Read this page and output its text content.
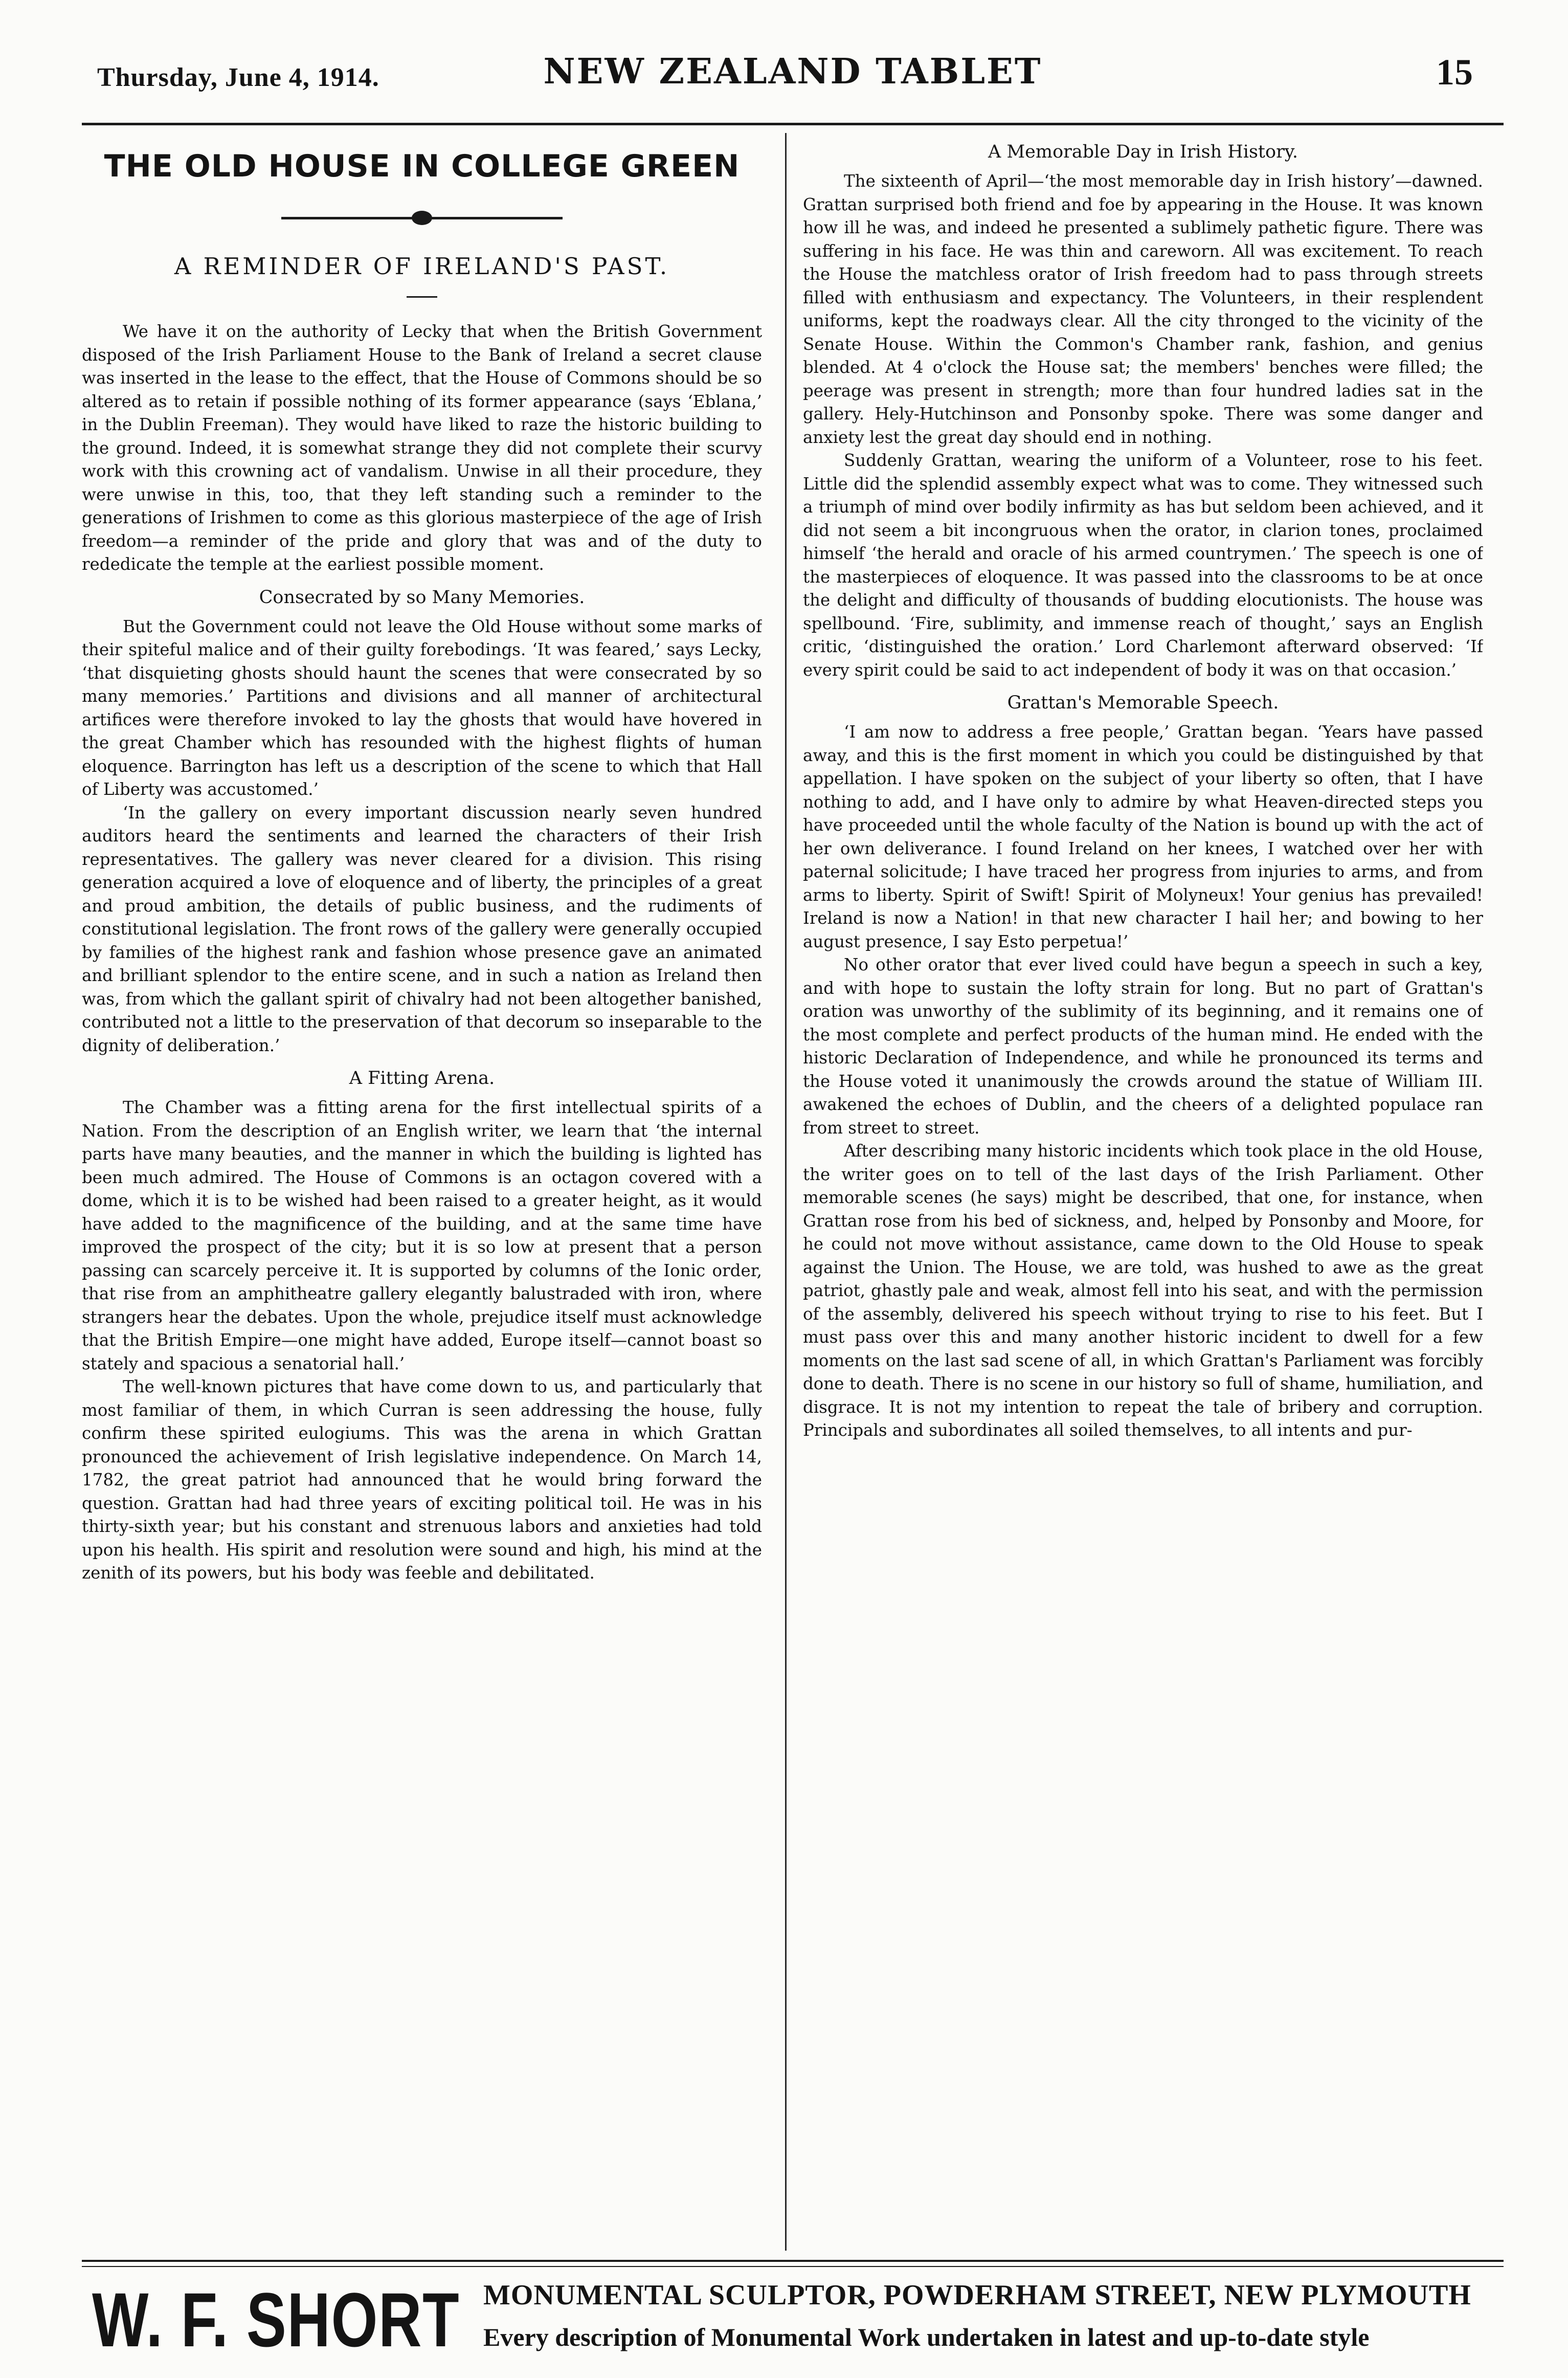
Thursday, June 4, 1914.	NEW ZEALAND TABLET	15
THE OLD HOUSE IN COLLEGE GREEN
A REMINDER OF IRELAND'S PAST.

We have it on the authority of Lecky that when the British Government disposed of the Irish Parliament House to the Bank of Ireland a secret clause was inserted in the lease to the effect, that the House of Commons should be so altered as to retain if possible nothing of its former appearance (says ‘Eblana,’ in the Dublin Freeman). They would have liked to raze the historic building to the ground. Indeed, it is somewhat strange they did not complete their scurvy work with this crowning act of vandalism. Unwise in all their procedure, they were unwise in this, too, that they left standing such a reminder to the generations of Irishmen to come as this glorious masterpiece of the age of Irish freedom—a reminder of the pride and glory that was and of the duty to rededicate the temple at the earliest possible moment.

Consecrated by so Many Memories.

But the Government could not leave the Old House without some marks of their spiteful malice and of their guilty forebodings. ‘It was feared,’ says Lecky, ‘that disquieting ghosts should haunt the scenes that were consecrated by so many memories.’ Partitions and divisions and all manner of architectural artifices were therefore invoked to lay the ghosts that would have hovered in the great Chamber which has resounded with the highest flights of human eloquence. Barrington has left us a description of the scene to which that Hall of Liberty was accustomed.’

‘In the gallery on every important discussion nearly seven hundred auditors heard the sentiments and learned the characters of their Irish representatives. The gallery was never cleared for a division. This rising generation acquired a love of eloquence and of liberty, the principles of a great and proud ambition, the details of public business, and the rudiments of constitutional legislation. The front rows of the gallery were generally occupied by families of the highest rank and fashion whose presence gave an animated and brilliant splendor to the entire scene, and in such a nation as Ireland then was, from which the gallant spirit of chivalry had not been altogether banished, contributed not a little to the preservation of that decorum so inseparable to the dignity of deliberation.’

A Fitting Arena.

The Chamber was a fitting arena for the first intellectual spirits of a Nation. From the description of an English writer, we learn that ‘the internal parts have many beauties, and the manner in which the building is lighted has been much admired. The House of Commons is an octagon covered with a dome, which it is to be wished had been raised to a greater height, as it would have added to the magnificence of the building, and at the same time have improved the prospect of the city; but it is so low at present that a person passing can scarcely perceive it. It is supported by columns of the Ionic order, that rise from an amphitheatre gallery elegantly balustraded with iron, where strangers hear the debates. Upon the whole, prejudice itself must acknowledge that the British Empire—one might have added, Europe itself—cannot boast so stately and spacious a senatorial hall.’

The well-known pictures that have come down to us, and particularly that most familiar of them, in which Curran is seen addressing the house, fully confirm these spirited eulogiums. This was the arena in which Grattan pronounced the achievement of Irish legislative independence. On March 14, 1782, the great patriot had announced that he would bring forward the question. Grattan had had three years of exciting political toil. He was in his thirty-sixth year; but his constant and strenuous labors and anxieties had told upon his health. His spirit and resolution were sound and high, his mind at the zenith of its powers, but his body was feeble and debilitated.

A Memorable Day in Irish History.

The sixteenth of April—‘the most memorable day in Irish history’—dawned. Grattan surprised both friend and foe by appearing in the House. It was known how ill he was, and indeed he presented a sublimely pathetic figure. There was suffering in his face. He was thin and careworn. All was excitement. To reach the House the matchless orator of Irish freedom had to pass through streets filled with enthusiasm and expectancy. The Volunteers, in their resplendent uniforms, kept the roadways clear. All the city thronged to the vicinity of the Senate House. Within the Common's Chamber rank, fashion, and genius blended. At 4 o'clock the House sat; the members' benches were filled; the peerage was present in strength; more than four hundred ladies sat in the gallery. Hely-Hutchinson and Ponsonby spoke. There was some danger and anxiety lest the great day should end in nothing.

Suddenly Grattan, wearing the uniform of a Volunteer, rose to his feet. Little did the splendid assembly expect what was to come. They witnessed such a triumph of mind over bodily infirmity as has but seldom been achieved, and it did not seem a bit incongruous when the orator, in clarion tones, proclaimed himself ‘the herald and oracle of his armed countrymen.’ The speech is one of the masterpieces of eloquence. It was passed into the classrooms to be at once the delight and difficulty of thousands of budding elocutionists. The house was spellbound. ‘Fire, sublimity, and immense reach of thought,’ says an English critic, ‘distinguished the oration.’ Lord Charlemont afterward observed: ‘If every spirit could be said to act independent of body it was on that occasion.’

Grattan's Memorable Speech.

‘I am now to address a free people,’ Grattan began. ‘Years have passed away, and this is the first moment in which you could be distinguished by that appellation. I have spoken on the subject of your liberty so often, that I have nothing to add, and I have only to admire by what Heaven-directed steps you have proceeded until the whole faculty of the Nation is bound up with the act of her own deliverance. I found Ireland on her knees, I watched over her with paternal solicitude; I have traced her progress from injuries to arms, and from arms to liberty. Spirit of Swift! Spirit of Molyneux! Your genius has prevailed! Ireland is now a Nation! in that new character I hail her; and bowing to her august presence, I say Esto perpetua!’

No other orator that ever lived could have begun a speech in such a key, and with hope to sustain the lofty strain for long. But no part of Grattan's oration was unworthy of the sublimity of its beginning, and it remains one of the most complete and perfect products of the human mind. He ended with the historic Declaration of Independence, and while he pronounced its terms and the House voted it unanimously the crowds around the statue of William III. awakened the echoes of Dublin, and the cheers of a delighted populace ran from street to street.

After describing many historic incidents which took place in the old House, the writer goes on to tell of the last days of the Irish Parliament. Other memorable scenes (he says) might be described, that one, for instance, when Grattan rose from his bed of sickness, and, helped by Ponsonby and Moore, for he could not move without assistance, came down to the Old House to speak against the Union. The House, we are told, was hushed to awe as the great patriot, ghastly pale and weak, almost fell into his seat, and with the permission of the assembly, delivered his speech without trying to rise to his feet. But I must pass over this and many another historic incident to dwell for a few moments on the last sad scene of all, in which Grattan's Parliament was forcibly done to death. There is no scene in our history so full of shame, humiliation, and disgrace. It is not my intention to repeat the tale of bribery and corruption. Principals and subordinates all soiled themselves, to all intents and pur-

W. F. SHORT MONUMENTAL SCULPTOR, POWDERHAM STREET, NEW PLYMOUTH
Every description of Monumental Work undertaken in latest and up-to-date style
